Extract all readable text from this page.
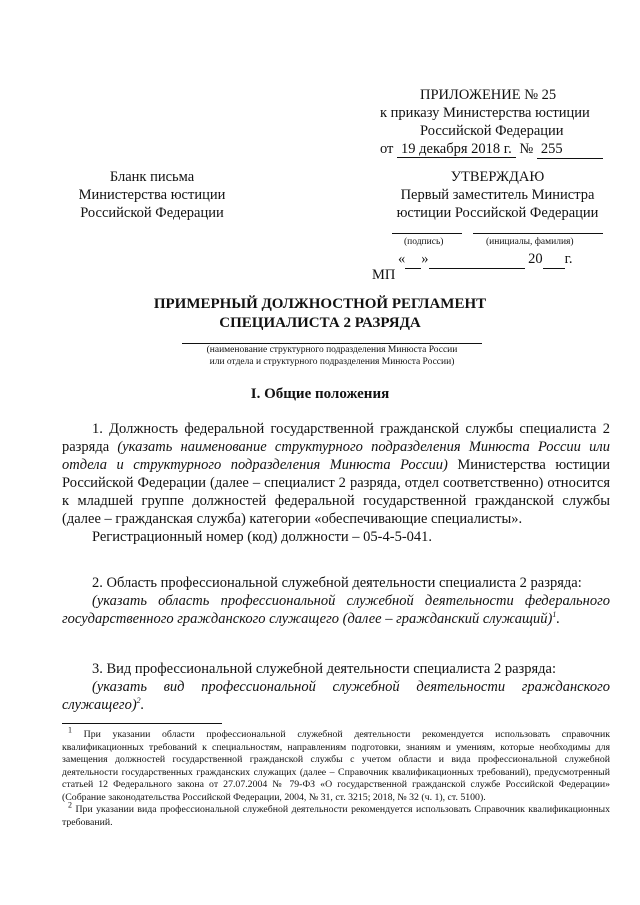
ПРИЛОЖЕНИЕ № 25
к приказу Министерства юстиции
Российской Федерации
от 19 декабря 2018 г. № 255
Бланк письма
Министерства юстиции
Российской Федерации
УТВЕРЖДАЮ
Первый заместитель Министра
юстиции Российской Федерации
(подпись)	(инициалы, фамилия)
« »	20 г.
МП
ПРИМЕРНЫЙ ДОЛЖНОСТНОЙ РЕГЛАМЕНТ
СПЕЦИАЛИСТА 2 РАЗРЯДА
(наименование структурного подразделения Минюста России
или отдела и структурного подразделения Минюста России)
I. Общие положения

1. Должность федеральной государственной гражданской службы специалиста 2 разряда (указать наименование структурного подразделения Минюста России или отдела и структурного подразделения Минюста России) Министерства юстиции Российской Федерации (далее – специалист 2 разряда, отдел соответственно) относится к младшей группе должностей федеральной государственной гражданской службы (далее – гражданская служба) категории «обеспечивающие специалисты».

Регистрационный номер (код) должности – 05-4-5-041.

2. Область профессиональной служебной деятельности специалиста 2 разряда:

(указать область профессиональной служебной деятельности федерального государственного гражданского служащего (далее – гражданский служащий)$^1$.

3. Вид профессиональной служебной деятельности специалиста 2 разряда:

(указать вид профессиональной служебной деятельности гражданского служащего)$^2$.

$^1$ При указании области профессиональной служебной деятельности рекомендуется использовать справочник квалификационных требований к специальностям, направлениям подготовки, знаниям и умениям, которые необходимы для замещения должностей государственной гражданской службы с учетом области и вида профессиональной служебной деятельности государственных гражданских служащих (далее – Справочник квалификационных требований), предусмотренный статьей 12 Федерального закона от 27.07.2004 № 79-ФЗ «О государственной гражданской службе Российской Федерации» (Собрание законодательства Российской Федерации, 2004, № 31, ст. 3215; 2018, № 32 (ч. 1), ст. 5100).

$^2$ При указании вида профессиональной служебной деятельности рекомендуется использовать Справочник квалификационных требований.
